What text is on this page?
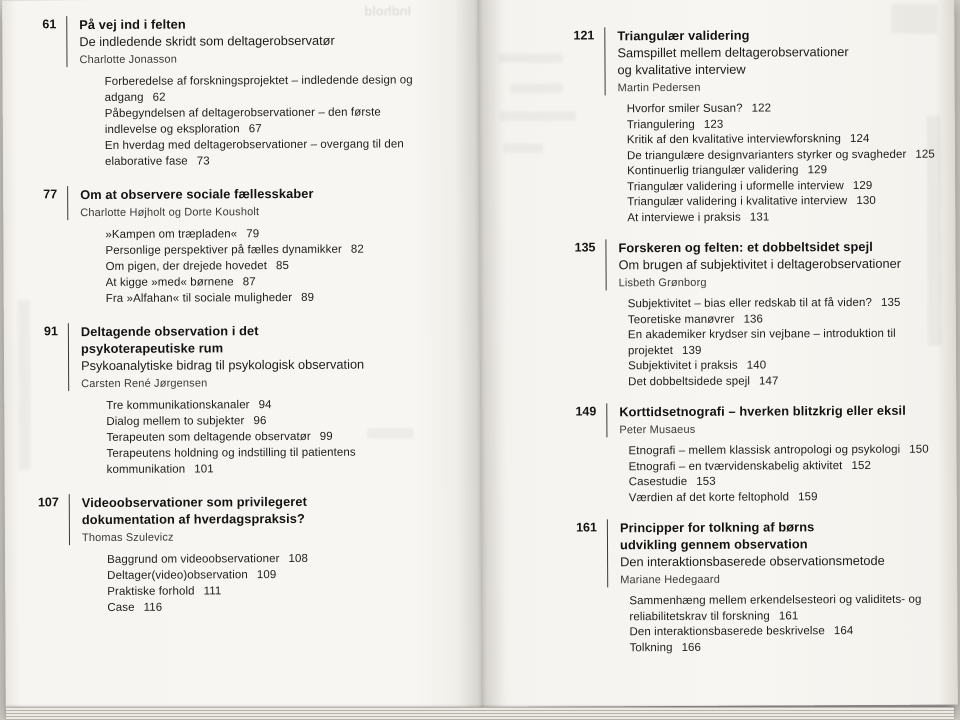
61 På vej ind i felten
De indledende skridt som deltagerobservatør
Charlotte Jonasson
Forberedelse af forskningsprojektet – indledende design og adgang 62
Påbegyndelsen af deltagerobservationer – den første indlevelse og eksploration 67
En hverdag med deltagerobservationer – overgang til den elaborative fase 73
77 Om at observere sociale fællesskaber
Charlotte Højholt og Dorte Kousholt
»Kampen om træpladen« 79
Personlige perspektiver på fælles dynamikker 82
Om pigen, der drejede hovedet 85
At kigge »med« børnene 87
Fra »Alfahan« til sociale muligheder 89
91 Deltagende observation i det
psykoterapeutiske rum
Psykoanalytiske bidrag til psykologisk observation
Carsten René Jørgensen
Tre kommunikationskanaler 94
Dialog mellem to subjekter 96
Terapeuten som deltagende observatør 99
Terapeutens holdning og indstilling til patientens kommunikation 101
107 Videoobservationer som privilegeret
dokumentation af hverdagspraksis?
Thomas Szulevicz
Baggrund om videoobservationer 108
Deltager(video)observation 109
Praktiske forhold 111
Case 116
121 Triangulær validering
Samspillet mellem deltagerobservationer
og kvalitative interview
Martin Pedersen
Hvorfor smiler Susan? 122
Triangulering 123
Kritik af den kvalitative interviewforskning 124
De triangulære designvarianters styrker og svagheder 125
Kontinuerlig triangulær validering 129
Triangulær validering i uformelle interview 129
Triangulær validering i kvalitative interview 130
At interviewe i praksis 131
135 Forskeren og felten: et dobbeltsidet spejl
Om brugen af subjektivitet i deltagerobservationer
Lisbeth Grønborg
Subjektivitet – bias eller redskab til at få viden? 135
Teoretiske manøvrer 136
En akademiker krydser sin vejbane – introduktion til projektet 139
Subjektivitet i praksis 140
Det dobbeltsidede spejl 147
149 Korttidsetnografi – hverken blitzkrig eller eksil
Peter Musaeus
Etnografi – mellem klassisk antropologi og psykologi 150
Etnografi – en tværvidenskabelig aktivitet 152
Casestudie 153
Værdien af det korte feltophold 159
161 Principper for tolkning af børns
udvikling gennem observation
Den interaktionsbaserede observationsmetode
Mariane Hedegaard
Sammenhæng mellem erkendelsesteori og validitets- og reliabilitetskrav til forskning 161
Den interaktionsbaserede beskrivelse 164
Tolkning 166
Indhold
